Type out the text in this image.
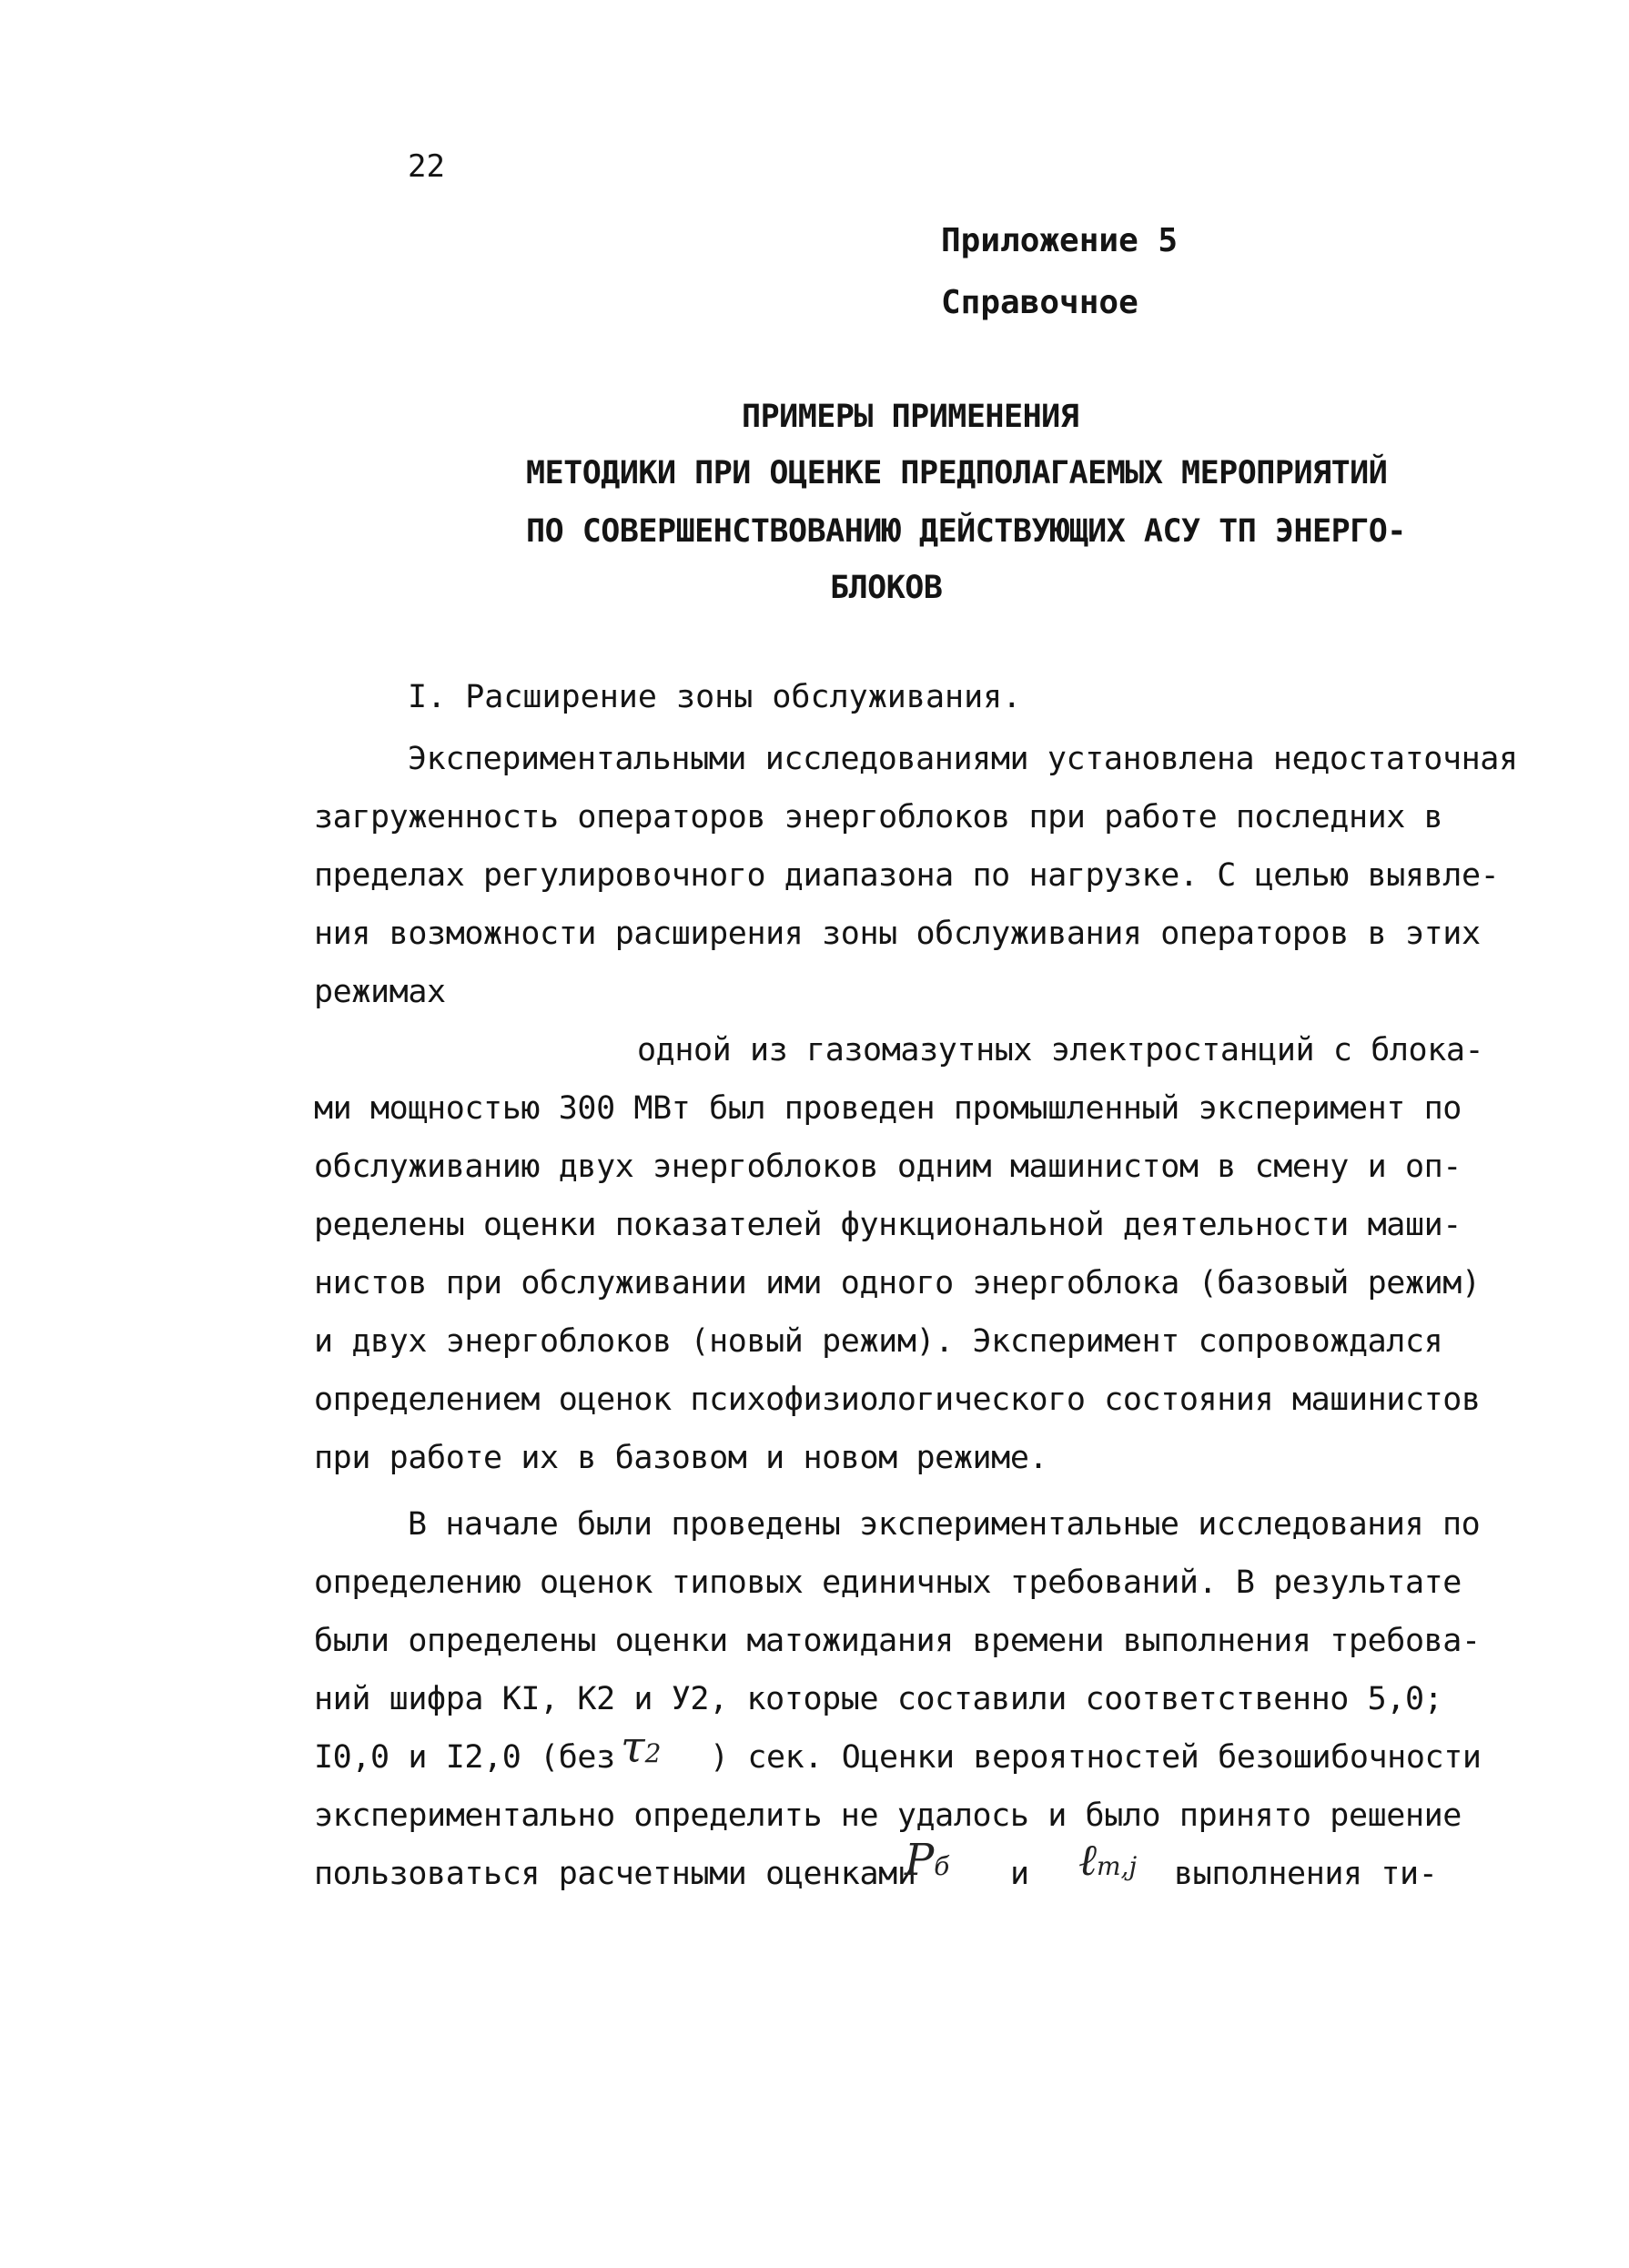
22
Приложение 5
Справочное
ПРИМЕРЫ ПРИМЕНЕНИЯ
МЕТОДИКИ ПРИ ОЦЕНКЕ ПРЕДПОЛАГАЕМЫХ МЕРОПРИЯТИЙ
ПО СОВЕРШЕНСТВОВАНИЮ ДЕЙСТВУЮЩИХ АСУ ТП ЭНЕРГО-
БЛОКОВ
I. Расширение зоны обслуживания.
Экспериментальными исследованиями установлена недостаточная
загруженность операторов энергоблоков при работе последних в
пределах регулировочного диапазона по нагрузке. С целью выявле-
ния возможности расширения зоны обслуживания операторов в этих
режимах
одной из газомазутных электростанций с блока-
ми мощностью 300 МВт был проведен промышленный эксперимент по
обслуживанию двух энергоблоков одним машинистом в смену и оп-
ределены оценки показателей функциональной деятельности маши-
нистов при обслуживании ими одного энергоблока (базовый режим)
и двух энергоблоков (новый режим). Эксперимент сопровождался
определением оценок психофизиологического состояния машинистов
при работе их в базовом и новом режиме.
В начале были проведены экспериментальные исследования по
определению оценок типовых единичных требований. В результате
были определены оценки матожидания времени выполнения требова-
ний шифра КI, К2 и У2, которые составили соответственно 5,0;
I0,0 и I2,0 (без τ2 ) сек. Оценки вероятностей безошибочности
экспериментально определить не удалось и было принято решение
пользоваться расчетными оценками
Pб и ℓт,ј выполнения ти-
